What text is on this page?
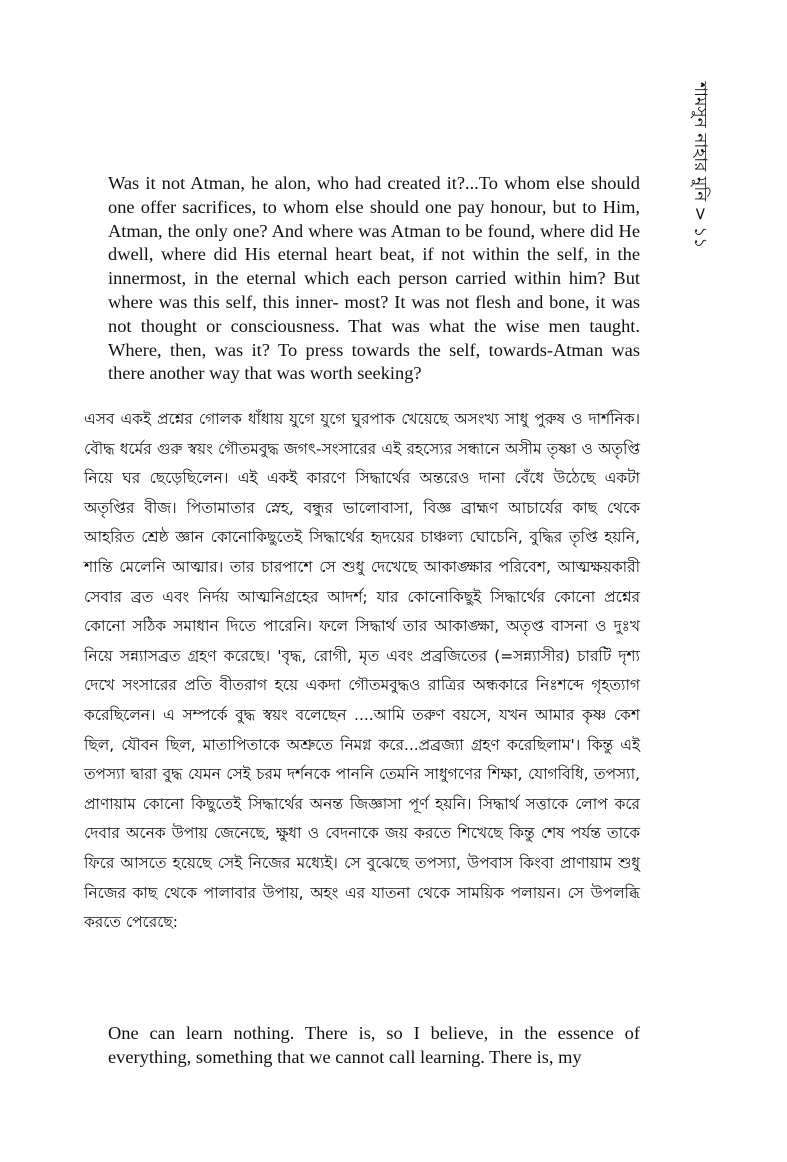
শামসুন নাহার মুনি > ১১

Was it not Atman, he alon, who had created it?...To whom else should one offer sacrifices, to whom else should one pay honour, but to Him, Atman, the only one? And where was Atman to be found, where did He dwell, where did His eternal heart beat, if not within the self, in the innermost, in the eternal which each person carried within him? But where was this self, this inner- most? It was not flesh and bone, it was not thought or consciousness. That was what the wise men taught. Where, then, was it? To press towards the self, towards-Atman was there another way that was worth seeking?

এসব একই প্রশ্নের গোলক ধাঁধায় যুগে যুগে ঘুরপাক খেয়েছে অসংখ্য সাধু পুরুষ ও দার্শনিক। বৌদ্ধ ধর্মের গুরু স্বয়ং গৌতমবুদ্ধ জগৎ-সংসারের এই রহস্যের সন্ধানে অসীম তৃষ্ণা ও অতৃপ্তি নিয়ে ঘর ছেড়েছিলেন। এই একই কারণে সিদ্ধার্থের অন্তরেও দানা বেঁধে উঠেছে একটা অতৃপ্তির বীজ। পিতামাতার স্নেহ, বন্ধুর ভালোবাসা, বিজ্ঞ ব্রাহ্মণ আচার্যের কাছ থেকে আহরিত শ্রেষ্ঠ জ্ঞান কোনোকিছুতেই সিদ্ধার্থের হৃদয়ের চাঞ্চল্য ঘোচেনি, বুদ্ধির তৃপ্তি হয়নি, শান্তি মেলেনি আত্মার। তার চারপাশে সে শুধু দেখেছে আকাঙ্ক্ষার পরিবেশ, আত্মক্ষয়কারী সেবার ব্রত এবং নির্দয় আত্মনিগ্রহের আদর্শ; যার কোনোকিছুই সিদ্ধার্থের কোনো প্রশ্নের কোনো সঠিক সমাধান দিতে পারেনি। ফলে সিদ্ধার্থ তার আকাঙ্ক্ষা, অতৃপ্ত বাসনা ও দুঃখ নিয়ে সন্ন্যাসব্রত গ্রহণ করেছে। 'বৃদ্ধ, রোগী, মৃত এবং প্রব্রজিতের (=সন্ন্যাসীর) চারটি দৃশ্য দেখে সংসারের প্রতি বীতরাগ হয়ে একদা গৌতমবুদ্ধও রাত্রির অন্ধকারে নিঃশব্দে গৃহত্যাগ করেছিলেন। এ সম্পর্কে বুদ্ধ স্বয়ং বলেছেন ....আমি তরুণ বয়সে, যখন আমার কৃষ্ণ কেশ ছিল, যৌবন ছিল, মাতাপিতাকে অশ্রুতে নিমগ্ন করে...প্রব্রজ্যা গ্রহণ করেছিলাম'। কিন্তু এই তপস্যা দ্বারা বুদ্ধ যেমন সেই চরম দর্শনকে পাননি তেমনি সাধুগণের শিক্ষা, যোগবিধি, তপস্যা, প্রাণায়াম কোনো কিছুতেই সিদ্ধার্থের অনন্ত জিজ্ঞাসা পূর্ণ হয়নি। সিদ্ধার্থ সত্তাকে লোপ করে দেবার অনেক উপায় জেনেছে, ক্ষুধা ও বেদনাকে জয় করতে শিখেছে কিন্তু শেষ পর্যন্ত তাকে ফিরে আসতে হয়েছে সেই নিজের মধ্যেই। সে বুঝেছে তপস্যা, উপবাস কিংবা প্রাণায়াম শুধু নিজের কাছ থেকে পালাবার উপায়, অহং এর যাতনা থেকে সাময়িক পলায়ন। সে উপলব্ধি করতে পেরেছে:

One can learn nothing. There is, so I believe, in the essence of everything, something that we cannot call learning. There is, my
